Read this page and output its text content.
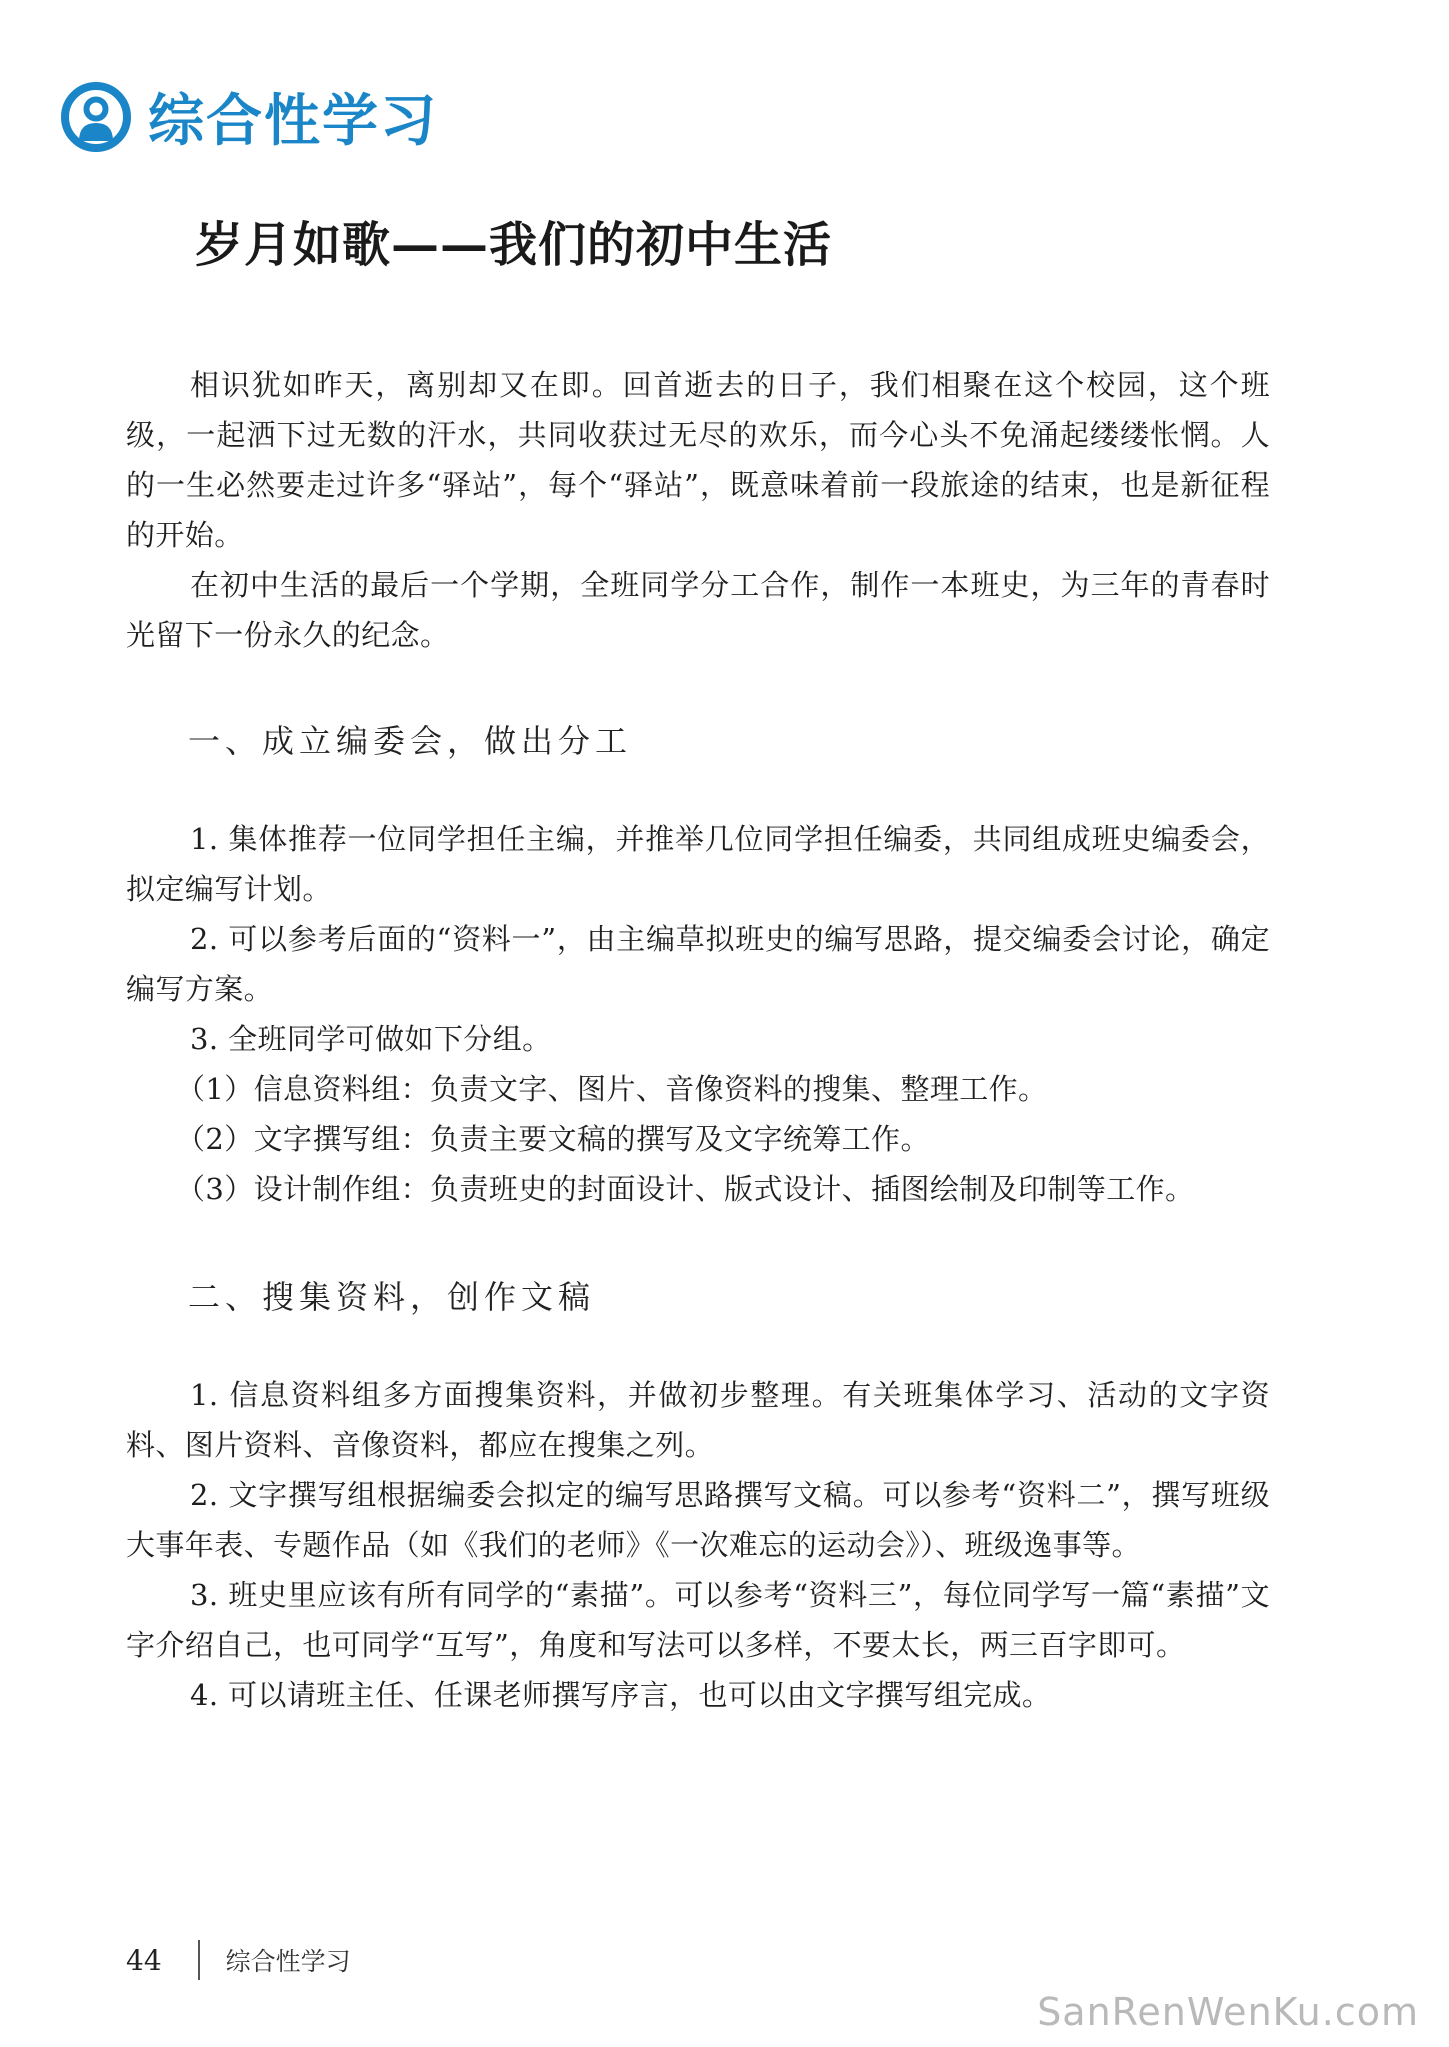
综合性学习
岁月如歌——我们的初中生活

相识犹如昨天，离别却又在即。回首逝去的日子，我们相聚在这个校园，这个班级，一起洒下过无数的汗水，共同收获过无尽的欢乐，而今心头不免涌起缕缕怅惘。人的一生必然要走过许多“驿站”，每个“驿站”，既意味着前一段旅途的结束，也是新征程的开始。

在初中生活的最后一个学期，全班同学分工合作，制作一本班史，为三年的青春时光留下一份永久的纪念。

一、成立编委会，做出分工

1. 集体推荐一位同学担任主编，并推举几位同学担任编委，共同组成班史编委会，拟定编写计划。

2. 可以参考后面的“资料一”，由主编草拟班史的编写思路，提交编委会讨论，确定编写方案。

3. 全班同学可做如下分组。

（1）信息资料组：负责文字、图片、音像资料的搜集、整理工作。

（2）文字撰写组：负责主要文稿的撰写及文字统筹工作。

（3）设计制作组：负责班史的封面设计、版式设计、插图绘制及印制等工作。

二、搜集资料，创作文稿

1. 信息资料组多方面搜集资料，并做初步整理。有关班集体学习、活动的文字资料、图片资料、音像资料，都应在搜集之列。

2. 文字撰写组根据编委会拟定的编写思路撰写文稿。可以参考“资料二”，撰写班级大事年表、专题作品（如《我们的老师》《一次难忘的运动会》）、班级逸事等。

3. 班史里应该有所有同学的“素描”。可以参考“资料三”，每位同学写一篇“素描”文字介绍自己，也可同学“互写”，角度和写法可以多样，不要太长，两三百字即可。

4. 可以请班主任、任课老师撰写序言，也可以由文字撰写组完成。

44	综合性学习
SanRenWenKu.com
